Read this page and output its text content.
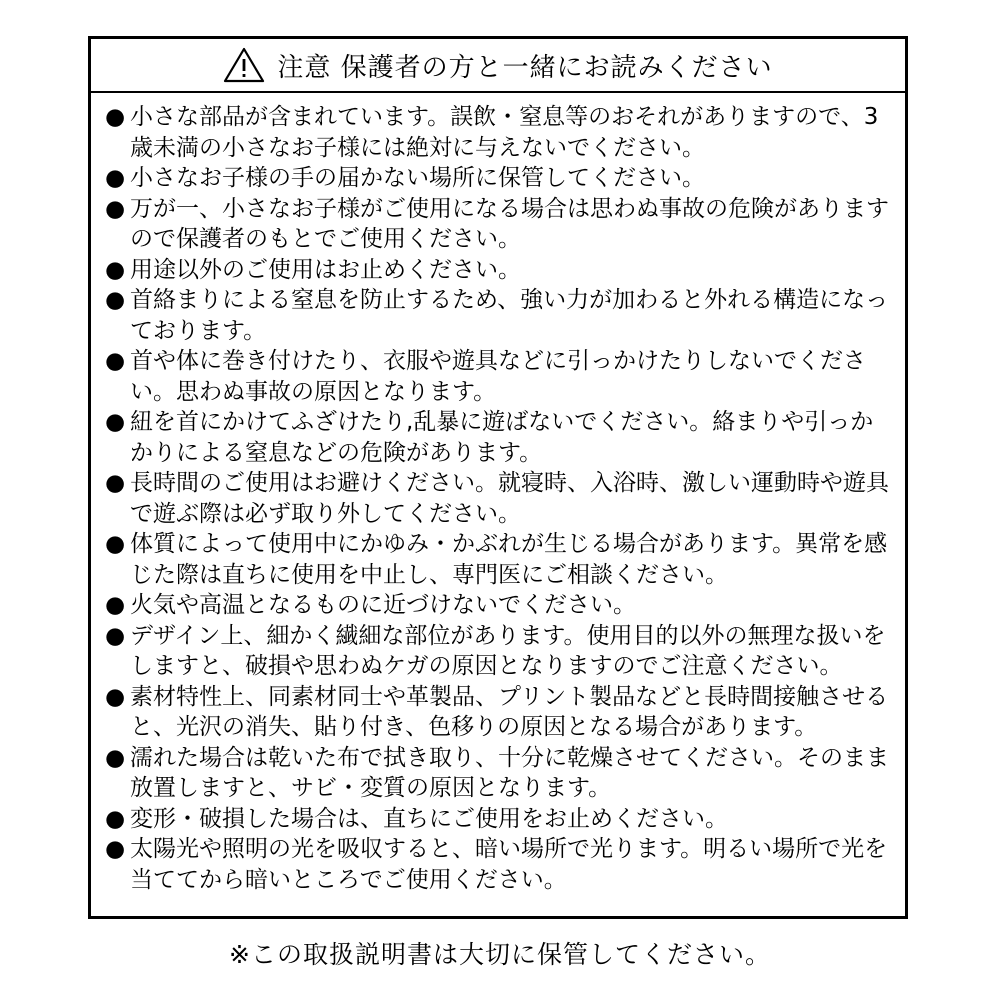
注意 保護者の方と一緒にお読みください
● 小さな部品が含まれています。誤飲・窒息等のおそれがありますので、3歳未満の小さなお子様には絶対に与えないでください。
● 小さなお子様の手の届かない場所に保管してください。
● 万が一、小さなお子様がご使用になる場合は思わぬ事故の危険がありますので保護者のもとでご使用ください。
● 用途以外のご使用はお止めください。
● 首絡まりによる窒息を防止するため、強い力が加わると外れる構造になっております。
● 首や体に巻き付けたり、衣服や遊具などに引っかけたりしないでください。思わぬ事故の原因となります。
● 紐を首にかけてふざけたり,乱暴に遊ばないでください。絡まりや引っかかりによる窒息などの危険があります。
● 長時間のご使用はお避けください。就寝時、入浴時、激しい運動時や遊具で遊ぶ際は必ず取り外してください。
● 体質によって使用中にかゆみ・かぶれが生じる場合があります。異常を感じた際は直ちに使用を中止し、専門医にご相談ください。
● 火気や高温となるものに近づけないでください。
● デザイン上、細かく繊細な部位があります。使用目的以外の無理な扱いをしますと、破損や思わぬケガの原因となりますのでご注意ください。
● 素材特性上、同素材同士や革製品、プリント製品などと長時間接触させると、光沢の消失、貼り付き、色移りの原因となる場合があります。
● 濡れた場合は乾いた布で拭き取り、十分に乾燥させてください。そのまま放置しますと、サビ・変質の原因となります。
● 変形・破損した場合は、直ちにご使用をお止めください。
● 太陽光や照明の光を吸収すると、暗い場所で光ります。明るい場所で光を当ててから暗いところでご使用ください。
※この取扱説明書は大切に保管してください。
